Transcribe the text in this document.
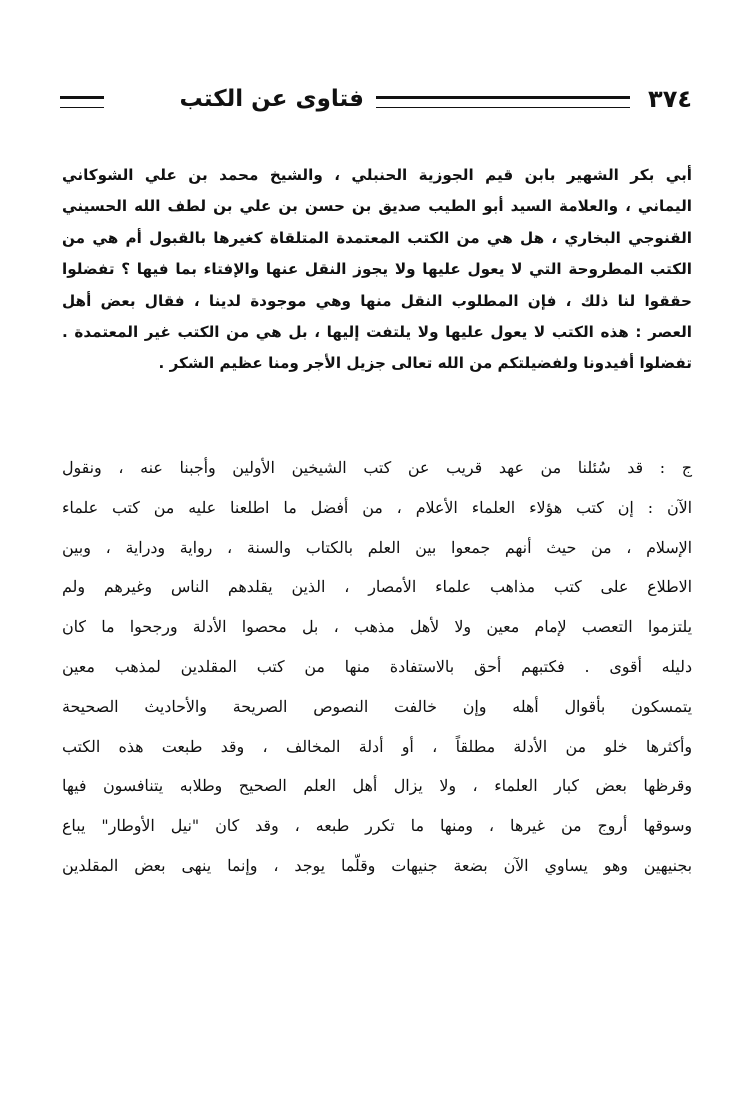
٣٧٤
فتاوى عن الكتب
أبي بكر الشهير بابن قيم الجوزية الحنبلي ، والشيخ محمد بن علي الشوكاني
اليماني ، والعلامة السيد أبو الطيب صديق بن حسن بن علي بن لطف الله الحسيني
القنوجي البخاري ، هل هي من الكتب المعتمدة المتلقاة كغيرها بالقبول أم هي من
الكتب المطروحة التي لا يعول عليها ولا يجوز النقل عنها والإفتاء بما فيها ؟ تفضلوا
حققوا لنا ذلك ، فإن المطلوب النقل منها وهي موجودة لدينا ، فقال بعض أهل
العصر : هذه الكتب لا يعول عليها ولا يلتفت إليها ، بل هي من الكتب غير المعتمدة .
تفضلوا أفيدونا ولفضيلتكم من الله تعالى جزيل الأجر ومنا عظيم الشكر .
ج : قد سُئلنا من عهد قريب عن كتب الشيخين الأولين وأجبنا عنه ، ونقول
الآن : إن كتب هؤلاء العلماء الأعلام ، من أفضل ما اطلعنا عليه من كتب علماء
الإسلام ، من حيث أنهم جمعوا بين العلم بالكتاب والسنة ، رواية ودراية ، وبين
الاطلاع على كتب مذاهب علماء الأمصار ، الذين يقلدهم الناس وغيرهم ولم
يلتزموا التعصب لإمام معين ولا لأهل مذهب ، بل محصوا الأدلة ورجحوا ما كان
دليله أقوى . فكتبهم أحق بالاستفادة منها من كتب المقلدين لمذهب معين
يتمسكون بأقوال أهله وإن خالفت النصوص الصريحة والأحاديث الصحيحة
وأكثرها خلو من الأدلة مطلقاً ، أو أدلة المخالف ، وقد طبعت هذه الكتب
وقرظها بعض كبار العلماء ، ولا يزال أهل العلم الصحيح وطلابه يتنافسون فيها
وسوقها أروج من غيرها ، ومنها ما تكرر طبعه ، وقد كان "نيل الأوطار" يباع
بجنيهين وهو يساوي الآن بضعة جنيهات وقلّما يوجد ، وإنما ينهى بعض المقلدين
